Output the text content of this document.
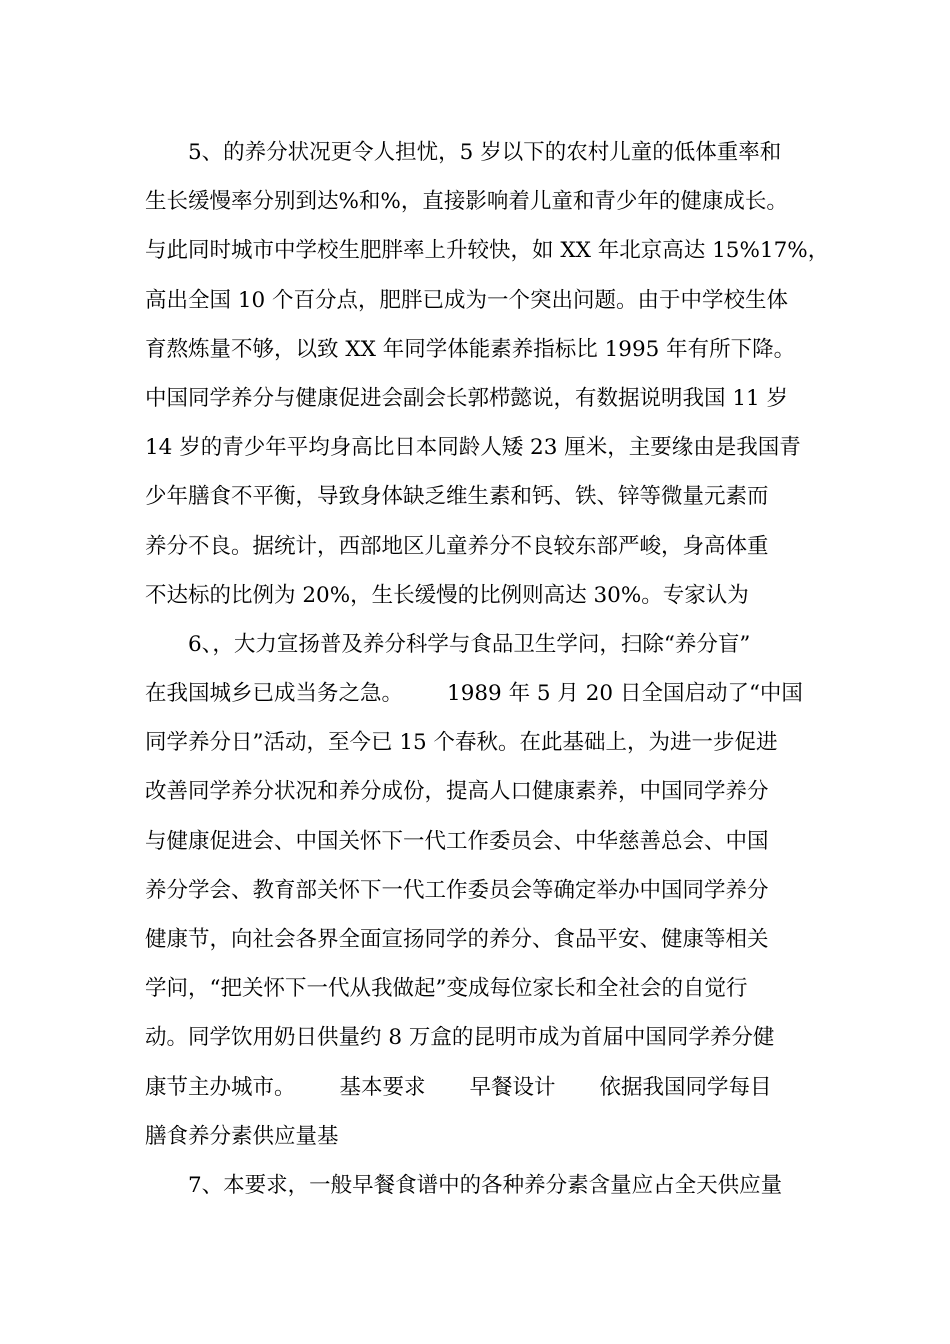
5、的养分状况更令人担忧，5 岁以下的农村儿童的低体重率和
生长缓慢率分别到达%和%，直接影响着儿童和青少年的健康成长。
与此同时城市中学校生肥胖率上升较快，如 XX 年北京高达 15%17%，
高出全国 10 个百分点，肥胖已成为一个突出问题。由于中学校生体
育熬炼量不够，以致 XX 年同学体能素养指标比 1995 年有所下降。
中国同学养分与健康促进会副会长郭栉懿说，有数据说明我国 11 岁
14 岁的青少年平均身高比日本同龄人矮 23 厘米，主要缘由是我国青
少年膳食不平衡，导致身体缺乏维生素和钙、铁、锌等微量元素而
养分不良。据统计，西部地区儿童养分不良较东部严峻，身高体重
不达标的比例为 20%，生长缓慢的比例则高达 30%。专家认为
6、，大力宣扬普及养分科学与食品卫生学问，扫除“养分盲”
在我国城乡已成当务之急。 1989 年 5 月 20 日全国启动了“中国
同学养分日”活动，至今已 15 个春秋。在此基础上，为进一步促进
改善同学养分状况和养分成份，提高人口健康素养，中国同学养分
与健康促进会、中国关怀下一代工作委员会、中华慈善总会、中国
养分学会、教育部关怀下一代工作委员会等确定举办中国同学养分
健康节，向社会各界全面宣扬同学的养分、食品平安、健康等相关
学问，“把关怀下一代从我做起”变成每位家长和全社会的自觉行
动。同学饮用奶日供量约 8 万盒的昆明市成为首届中国同学养分健
康节主办城市。 基本要求 早餐设计 依据我国同学每目
膳食养分素供应量基
7、本要求，一般早餐食谱中的各种养分素含量应占全天供应量
